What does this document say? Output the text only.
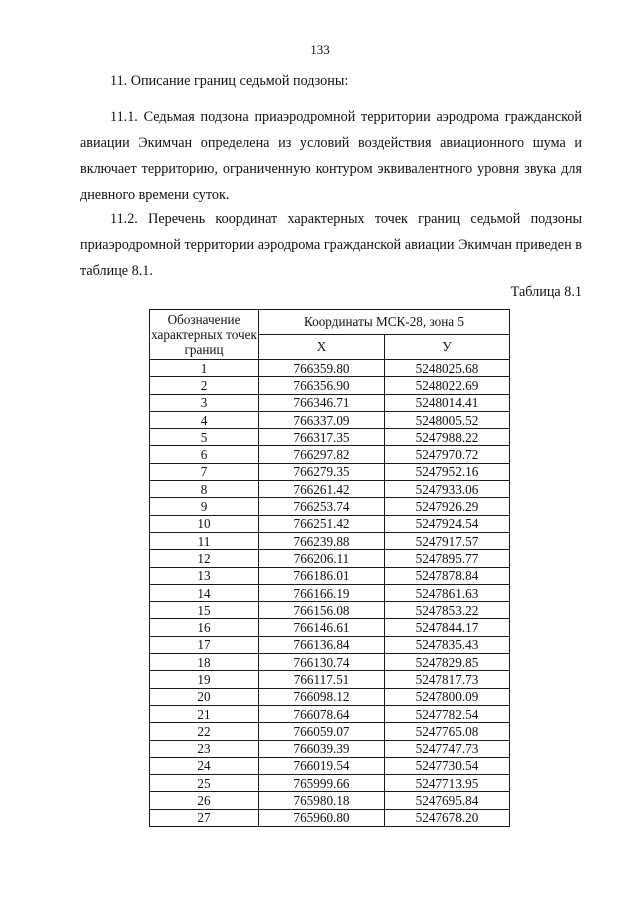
133

11. Описание границ седьмой подзоны:

11.1. Седьмая подзона приаэродромной территории аэродрома гражданской авиации Экимчан определена из условий воздействия авиационного шума и включает территорию, ограниченную контуром эквивалентного уровня звука для дневного времени суток.

11.2. Перечень координат характерных точек границ седьмой подзоны приаэродромной территории аэродрома гражданской авиации Экимчан приведен в таблице 8.1.

Таблица 8.1
Обозначение характерных точек границ	Координаты МСК-28, зона 5	
	X	У
1	766359.80	5248025.68
2	766356.90	5248022.69
3	766346.71	5248014.41
4	766337.09	5248005.52
5	766317.35	5247988.22
6	766297.82	5247970.72
7	766279.35	5247952.16
8	766261.42	5247933.06
9	766253.74	5247926.29
10	766251.42	5247924.54
11	766239.88	5247917.57
12	766206.11	5247895.77
13	766186.01	5247878.84
14	766166.19	5247861.63
15	766156.08	5247853.22
16	766146.61	5247844.17
17	766136.84	5247835.43
18	766130.74	5247829.85
19	766117.51	5247817.73
20	766098.12	5247800.09
21	766078.64	5247782.54
22	766059.07	5247765.08
23	766039.39	5247747.73
24	766019.54	5247730.54
25	765999.66	5247713.95
26	765980.18	5247695.84
27	765960.80	5247678.20
